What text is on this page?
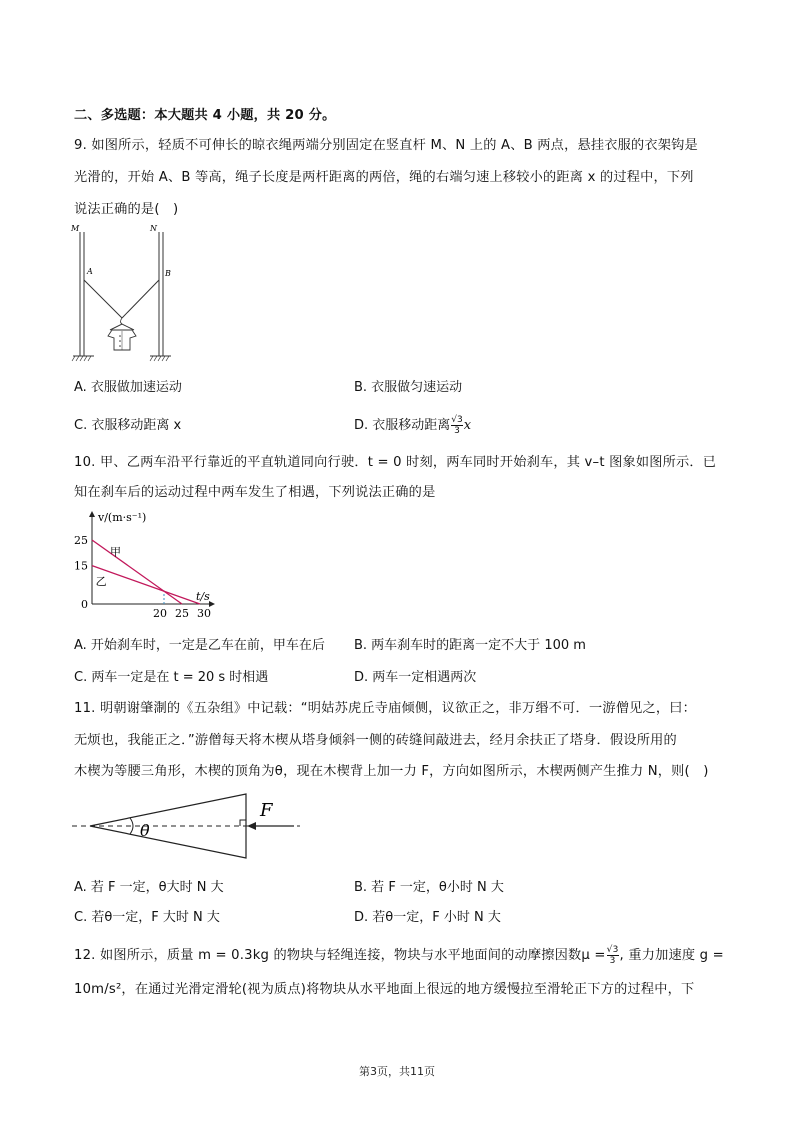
二、多选题：本大题共 4 小题，共 20 分。
9. 如图所示，轻质不可伸长的晾衣绳两端分别固定在竖直杆 M、N 上的 A、B 两点，悬挂衣服的衣架钩是
光滑的，开始 A、B 等高，绳子长度是两杆距离的两倍，绳的右端匀速上移较小的距离 x 的过程中，下列
说法正确的是(　)
M	N
A	B
A. 衣服做加速运动	B. 衣服做匀速运动
C. 衣服移动距离 x	D. 衣服移动距离 $\frac{√3}{3}$ x
10. 甲、乙两车沿平行靠近的平直轨道同向行驶．t = 0 时刻，两车同时开始刹车，其 v–t 图象如图所示．已
知在刹车后的运动过程中两车发生了相遇，下列说法正确的是
甲
乙
25
15
0
20 25 30
v/(m·s⁻¹)
t/s
A. 开始刹车时，一定是乙车在前，甲车在后 B. 两车刹车时的距离一定不大于 100 m
C. 两车一定是在 t = 20 s 时相遇	D. 两车一定相遇两次
11. 明朝谢肇淛的《五杂组》中记载：“明姑苏虎丘寺庙倾侧，议欲正之，非万缗不可．一游僧见之，曰：
无烦也，我能正之．”游僧每天将木楔从塔身倾斜一侧的砖缝间敲进去，经月余扶正了塔身．假设所用的
木楔为等腰三角形，木楔的顶角为θ，现在木楔背上加一力 F，方向如图所示，木楔两侧产生推力 N，则(　)
θ
F
A. 若 F 一定，θ大时 N 大	B. 若 F 一定，θ小时 N 大
C. 若θ一定，F 大时 N 大	D. 若θ一定，F 小时 N 大
12. 如图所示，质量 m = 0.3kg 的物块与轻绳连接，物块与水平地面间的动摩擦因数$\mu = \frac{√3}{3}$ , 重力加速度 g =
10m/s²，在通过光滑定滑轮(视为质点)将物块从水平地面上很远的地方缓慢拉至滑轮正下方的过程中，下
第3页，共11页
